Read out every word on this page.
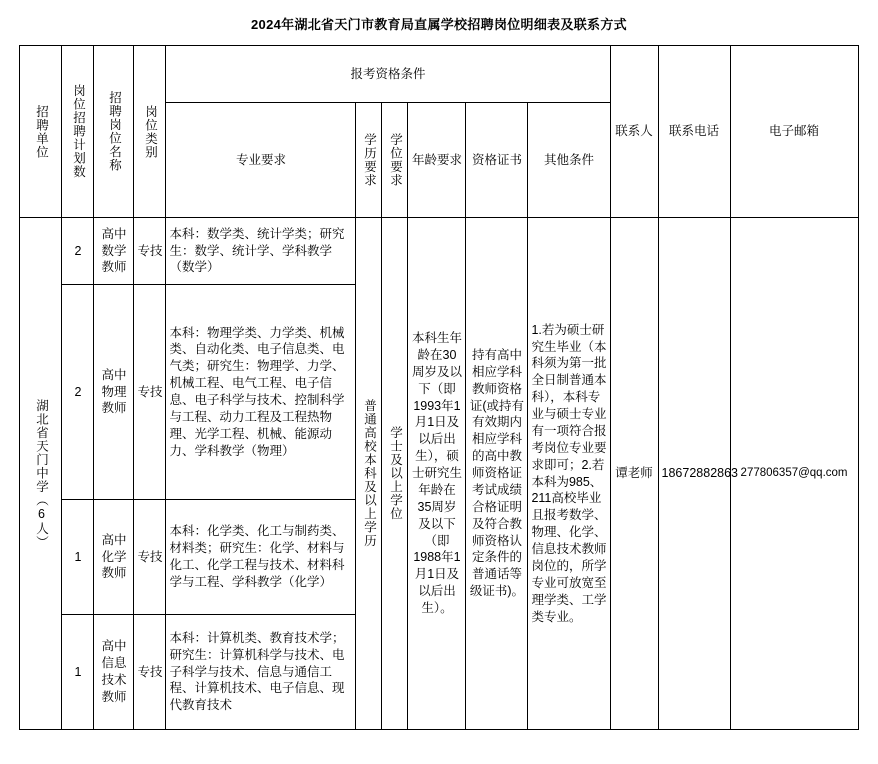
2024年湖北省天门市教育局直属学校招聘岗位明细表及联系方式
招聘单位	岗位招聘计划数	招聘岗位名称	岗位类别	报考资格条件						联系人	联系电话	电子邮箱
				专业要求	学历要求	学位要求	年龄要求	资格证书	其他条件			

湖北省天门中学（6人）	2	高中数学教师	专技	本科：数学类、统计学类；研究生：数学、统计学、学科教学（数学）	普通高校本科及以上学历	学士及以上学位	本科生年龄在30周岁及以下（即1993年1月1日及以后出生），硕士研究生年龄在35周岁及以下（即1988年1月1日及以后出生）。	持有高中相应学科教师资格证(或持有有效期内相应学科的高中教师资格证考试成绩合格证明及符合教师资格认定条件的普通话等级证书)。	1.若为硕士研究生毕业（本科须为第一批全日制普通本科），本科专业与硕士专业有一项符合报考岗位专业要求即可；2.若本科为985、211高校毕业且报考数学、物理、化学、信息技术教师岗位的，所学专业可放宽至理学类、工学类专业。	谭老师	18672882863	277806357@qq.com
	2	高中物理教师	专技	本科：物理学类、力学类、机械类、自动化类、电子信息类、电气类；研究生：物理学、力学、机械工程、电气工程、电子信息、电子科学与技术、控制科学与工程、动力工程及工程热物理、光学工程、机械、能源动力、学科教学（物理）								
	1	高中化学教师	专技	本科：化学类、化工与制药类、材料类；研究生：化学、材料与化工、化学工程与技术、材料科学与工程、学科教学（化学）								
	1	高中信息技术教师	专技	本科：计算机类、教育技术学；研究生：计算机科学与技术、电子科学与技术、信息与通信工程、计算机技术、电子信息、现代教育技术								
